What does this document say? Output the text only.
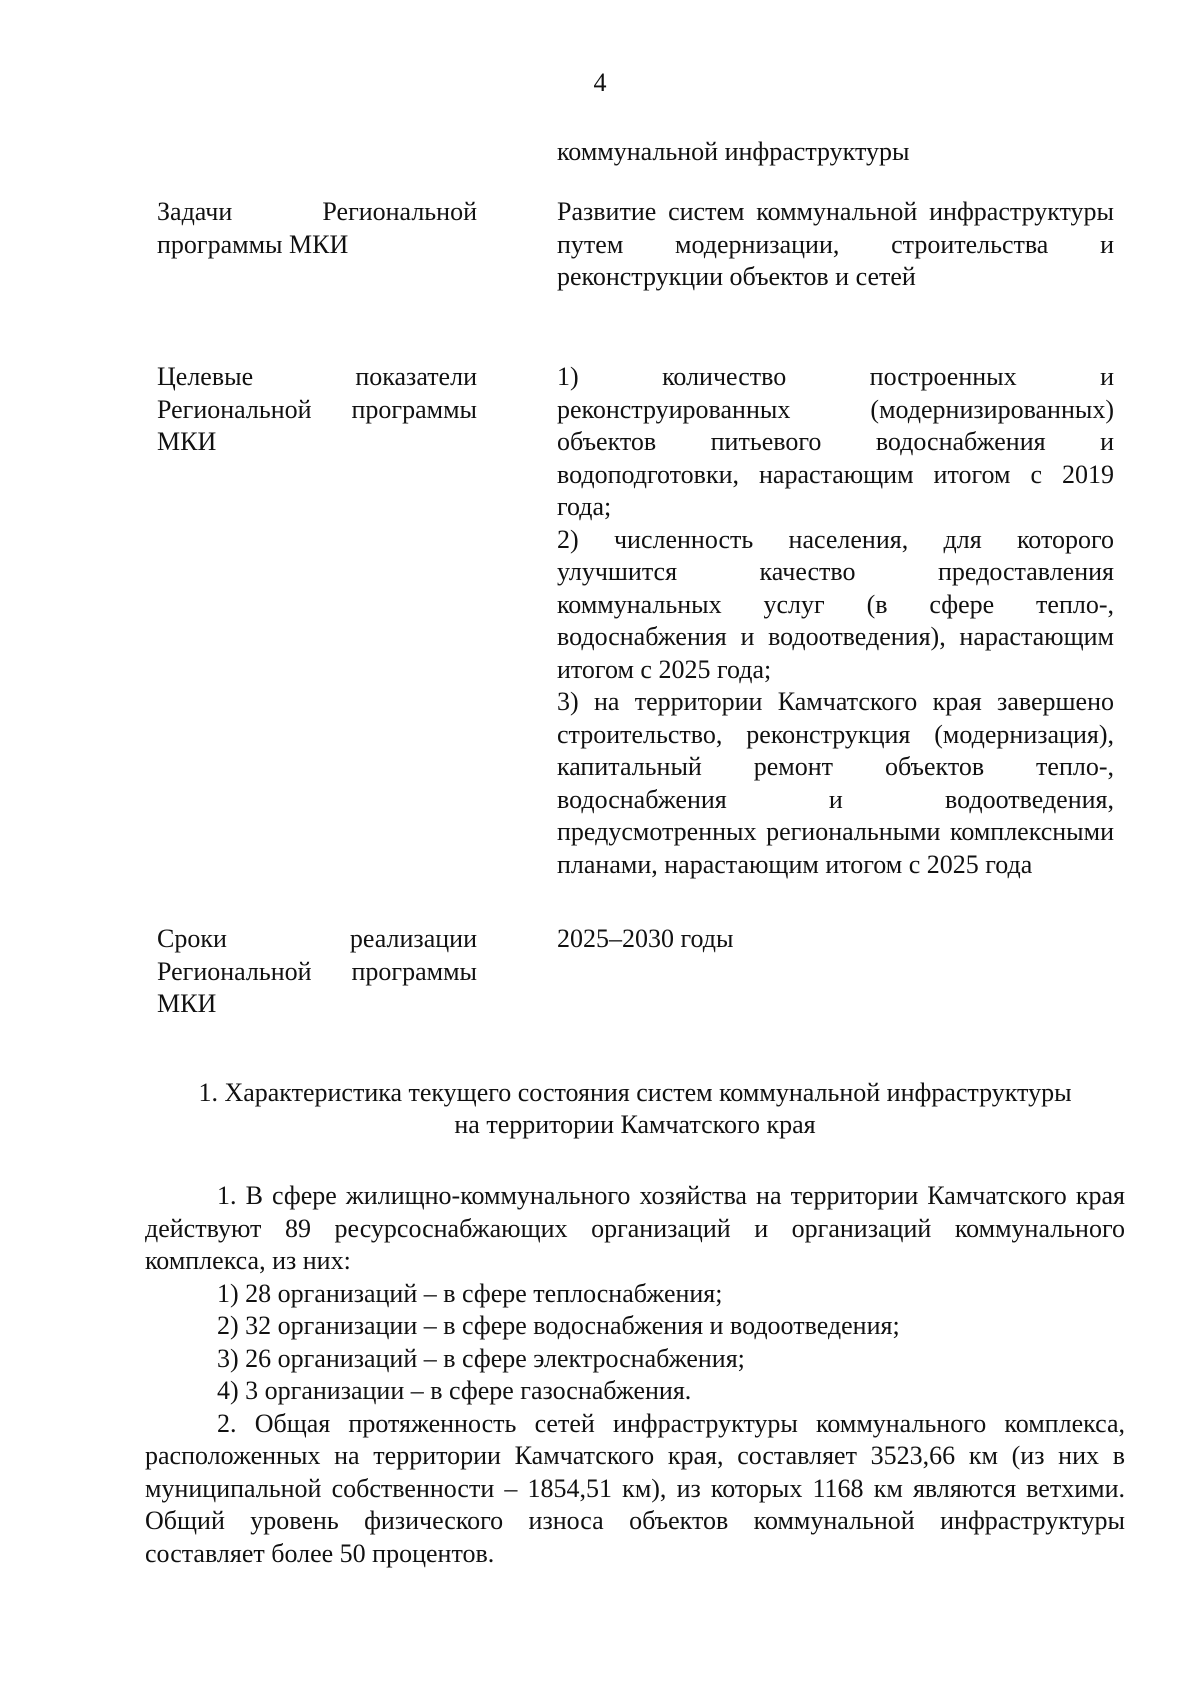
4
коммунальной инфраструктуры
Задачи Региональной программы МКИ

Развитие систем коммунальной инфраструктуры путем модернизации, строительства и реконструкции объектов и сетей

Целевые показатели Региональной программы МКИ

1) количество построенных и реконструированных (модернизированных) объектов питьевого водоснабжения и водоподготовки, нарастающим итогом с 2019 года;

2) численность населения, для которого улучшится качество предоставления коммунальных услуг (в сфере тепло-, водоснабжения и водоотведения), нарастающим итогом с 2025 года;

3) на территории Камчатского края завершено строительство, реконструкция (модернизация), капитальный ремонт объектов тепло-, водоснабжения и водоотведения, предусмотренных региональными комплексными планами, нарастающим итогом с 2025 года

Сроки реализации Региональной программы МКИ

2025–2030 годы

1. Характеристика текущего состояния систем коммунальной инфраструктуры
на территории Камчатского края

1. В сфере жилищно-коммунального хозяйства на территории Камчатского края действуют 89 ресурсоснабжающих организаций и организаций коммунального комплекса, из них:

1) 28 организаций – в сфере теплоснабжения;

2) 32 организации – в сфере водоснабжения и водоотведения;

3) 26 организаций – в сфере электроснабжения;

4) 3 организации – в сфере газоснабжения.

2. Общая протяженность сетей инфраструктуры коммунального комплекса, расположенных на территории Камчатского края, составляет 3523,66 км (из них в муниципальной собственности – 1854,51 км), из которых 1168 км являются ветхими. Общий уровень физического износа объектов коммунальной инфраструктуры составляет более 50 процентов.
